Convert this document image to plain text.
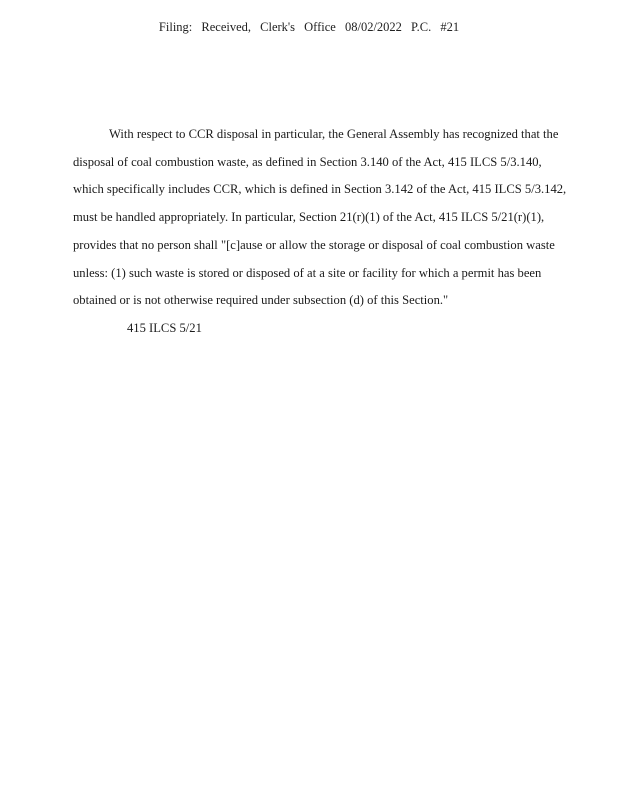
Filing: Received, Clerk's Office 08/02/2022 P.C. #21

With respect to CCR disposal in particular, the General Assembly has recognized that the

disposal of coal combustion waste, as defined in Section 3.140 of the Act, 415 ILCS 5/3.140,

which specifically includes CCR, which is defined in Section 3.142 of the Act, 415 ILCS 5/3.142,

must be handled appropriately. In particular, Section 21(r)(1) of the Act, 415 ILCS 5/21(r)(1),

provides that no person shall "[c]ause or allow the storage or disposal of coal combustion waste

unless: (1) such waste is stored or disposed of at a site or facility for which a permit has been

obtained or is not otherwise required under subsection (d) of this Section."

415 ILCS 5/21
